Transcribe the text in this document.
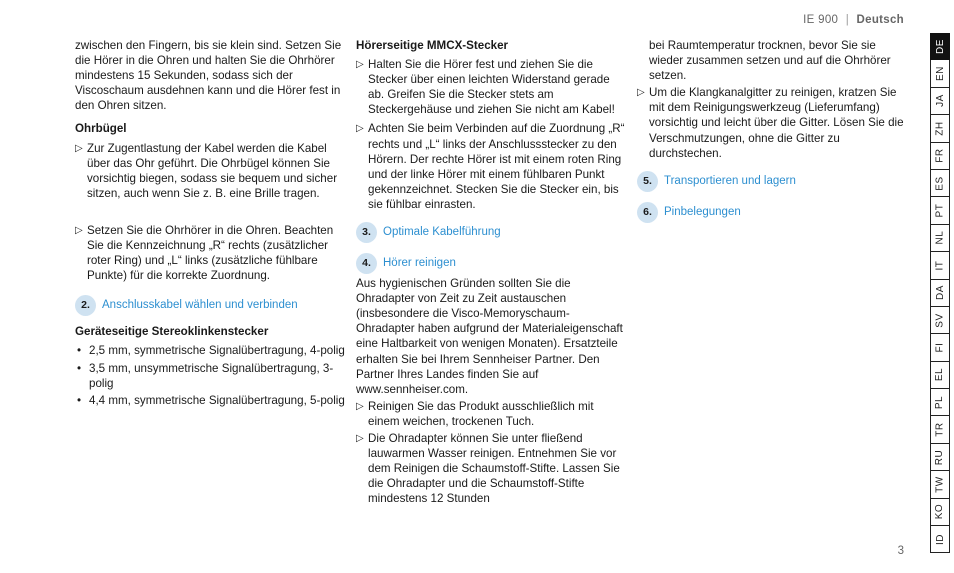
IE 900 | Deutsch

zwischen den Fingern, bis sie klein sind. Setzen Sie die Hörer in die Ohren und halten Sie die Ohrhörer mindestens 15 Sekunden, sodass sich der Viscoschaum ausdehnen kann und die Hörer fest in den Ohren sitzen.

Ohrbügel

▷ Zur Zugentlastung der Kabel werden die Kabel über das Ohr geführt. Die Ohrbügel können Sie vorsichtig biegen, sodass sie bequem und sicher sitzen, auch wenn Sie z. B. eine Brille tragen.
▷ Setzen Sie die Ohrhörer in die Ohren. Beachten Sie die Kennzeichnung „R“ rechts (zusätzlicher roter Ring) und „L“ links (zusätzliche fühlbare Punkte) für die korrekte Zuordnung.
2.	Anschlusskabel wählen und verbinden

Geräteseitige Stereoklinkenstecker

• 2,5 mm, symmetrische Signalübertragung, 4-polig
• 3,5 mm, unsymmetrische Signalübertragung, 3-polig
• 4,4 mm, symmetrische Signalübertragung, 5-polig

Hörerseitige MMCX-Stecker

▷ Halten Sie die Hörer fest und ziehen Sie die Stecker über einen leichten Widerstand gerade ab. Greifen Sie die Stecker stets am Steckergehäuse und ziehen Sie nicht am Kabel!
▷ Achten Sie beim Verbinden auf die Zuordnung „R“ rechts und „L“ links der Anschlussstecker zu den Hörern. Der rechte Hörer ist mit einem roten Ring und der linke Hörer mit einem fühlbaren Punkt gekennzeichnet. Stecken Sie die Stecker ein, bis sie fühlbar einrasten.
3.	Optimale Kabelführung
4.	Hörer reinigen

Aus hygienischen Gründen sollten Sie die Ohradapter von Zeit zu Zeit austauschen (insbesondere die Visco-Memoryschaum-Ohradapter haben aufgrund der Materialeigenschaft eine Haltbarkeit von wenigen Monaten). Ersatzteile erhalten Sie bei Ihrem Sennheiser Partner. Den Partner Ihres Landes finden Sie auf www.sennheiser.com.

▷ Reinigen Sie das Produkt ausschließlich mit einem weichen, trockenen Tuch.
▷ Die Ohradapter können Sie unter fließend lauwarmen Wasser reinigen. Entnehmen Sie vor dem Reinigen die Schaumstoff-Stifte. Lassen Sie die Ohradapter und die Schaumstoff-Stifte mindestens 12 Stunden

bei Raumtemperatur trocknen, bevor Sie sie wieder zusammen setzen und auf die Ohrhörer setzen.

▷ Um die Klangkanalgitter zu reinigen, kratzen Sie mit dem Reinigungswerkzeug (Lieferumfang) vorsichtig und leicht über die Gitter. Lösen Sie die Verschmutzungen, ohne die Gitter zu durchstechen.
5.	Transportieren und lagern
6.	Pinbelegungen
DE
EN
JA
ZH
FR
ES
PT
NL
IT
DA
SV
FI
EL
PL
TR
RU
TW
KO
ID
3
